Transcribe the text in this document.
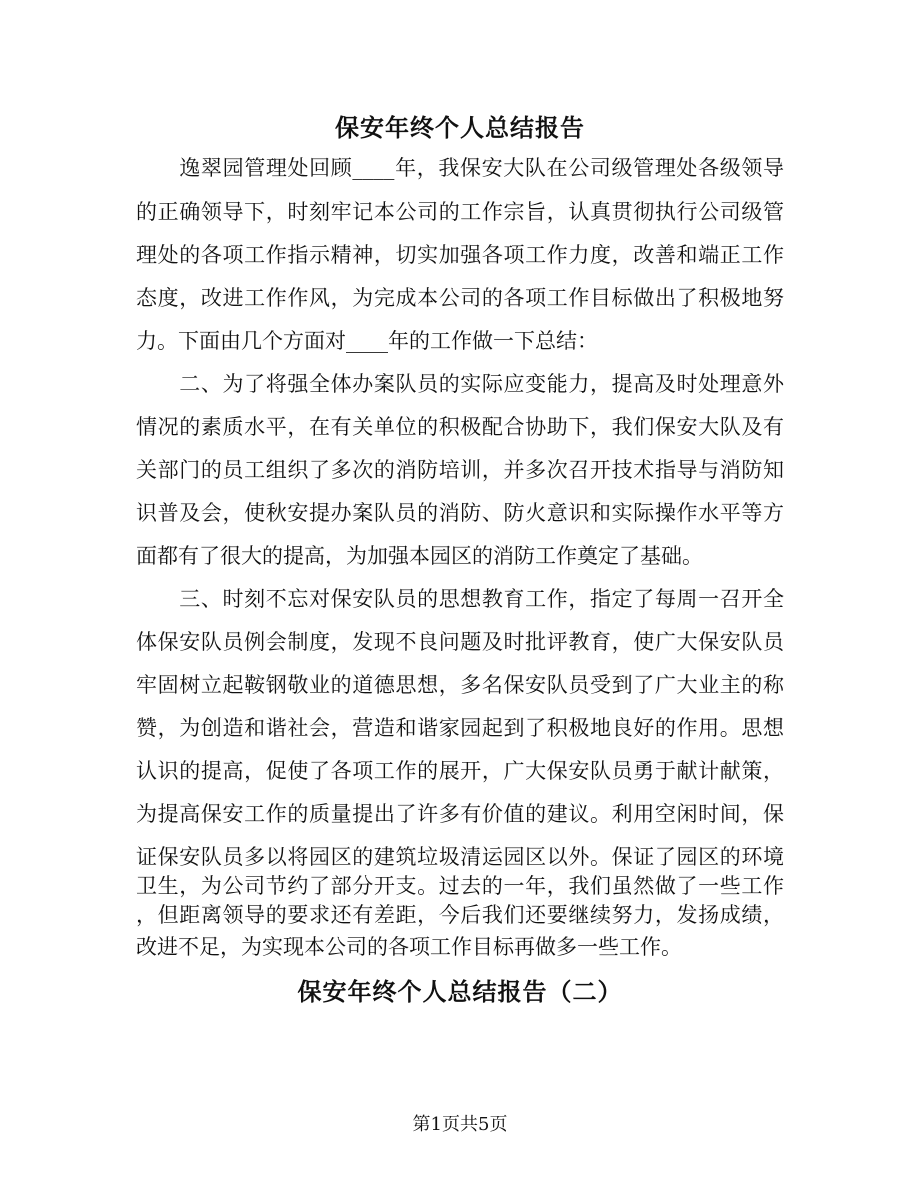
保安年终个人总结报告
　　逸翠园管理处回顾____年，我保安大队在公司级管理处各级领导
的正确领导下，时刻牢记本公司的工作宗旨，认真贯彻执行公司级管
理处的各项工作指示精神，切实加强各项工作力度，改善和端正工作
态度，改进工作作风，为完成本公司的各项工作目标做出了积极地努
力。下面由几个方面对____年的工作做一下总结：
　　二、为了将强全体办案队员的实际应变能力，提高及时处理意外
情况的素质水平，在有关单位的积极配合协助下，我们保安大队及有
关部门的员工组织了多次的消防培训，并多次召开技术指导与消防知
识普及会，使秋安提办案队员的消防、防火意识和实际操作水平等方
面都有了很大的提高，为加强本园区的消防工作奠定了基础。
　　三、时刻不忘对保安队员的思想教育工作，指定了每周一召开全
体保安队员例会制度，发现不良问题及时批评教育，使广大保安队员
牢固树立起鞍钢敬业的道德思想，多名保安队员受到了广大业主的称
赞，为创造和谐社会，营造和谐家园起到了积极地良好的作用。思想
认识的提高，促使了各项工作的展开，广大保安队员勇于献计献策，
为提高保安工作的质量提出了许多有价值的建议。利用空闲时间，保
证保安队员多以将园区的建筑垃圾清运园区以外。保证了园区的环境
卫生，为公司节约了部分开支。过去的一年，我们虽然做了一些工作
，但距离领导的要求还有差距，今后我们还要继续努力，发扬成绩，
保安年终个人总结报告（二）
第1页共5页
改进不足，为实现本公司的各项工作目标再做多一些工作。
